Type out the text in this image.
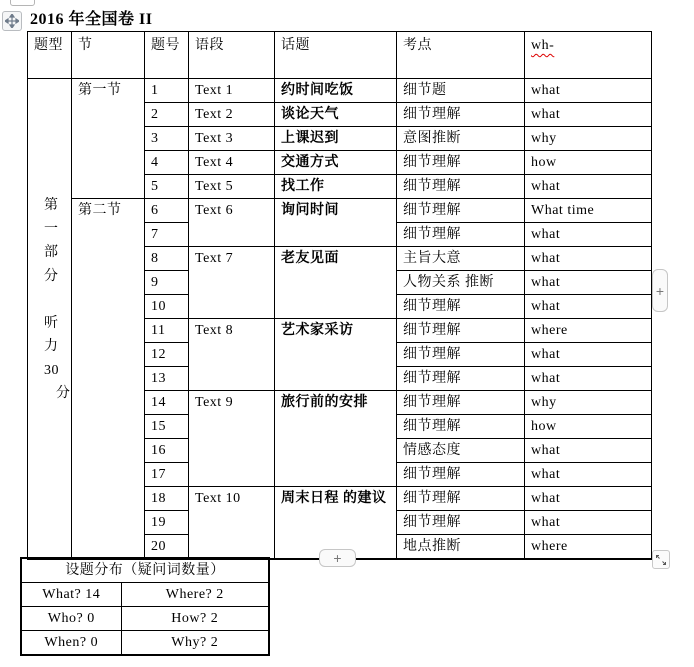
2016 年全国卷 II
题型	节	题号	语段	话题	考点	wh-

第
一
部
分
听
力
30
分
	第一节	1	Text 1	约时间吃饭	细节题	what
		2	Text 2	谈论天气	细节理解	what
		3	Text 3	上课迟到	意图推断	why
		4	Text 4	交通方式	细节理解	how
		5	Text 5	找工作	细节理解	what
	第二节	6	Text 6	询问时间	细节理解	What time
		7			细节理解	what
		8	Text 7	老友见面	主旨大意	what
		9			人物关系 推断	what
		10			细节理解	what
		11	Text 8	艺术家采访	细节理解	where
		12			细节理解	what
		13			细节理解	what
		14	Text 9	旅行前的安排	细节理解	why
		15			细节理解	how
		16			情感态度	what
		17			细节理解	what
		18	Text 10	周末日程 的建议	细节理解	what
		19			细节理解	what
		20			地点推断	where
+
+
设题分布（疑问词数量）	
What? 14	Where? 2
Who? 0	How? 2
When? 0	Why? 2
